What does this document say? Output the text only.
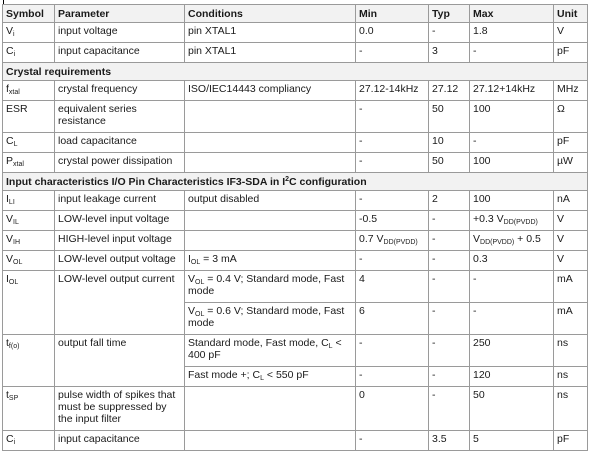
Symbol	Parameter	Conditions	Min	Typ	Max	Unit
$V_i$	input voltage	pin XTAL1	0.0	-	1.8	V
$C_i$	input capacitance	pin XTAL1	-	3	-	pF
Crystal requirements						
$f_{xtal}$	crystal frequency	ISO/IEC14443 compliancy	27.12-14kHz	27.12	27.12+14kHz	MHz
ESR	equivalent series resistance		-	50	100	Ω
$C_L$	load capacitance		-	10	-	pF
$P_{xtal}$	crystal power dissipation		-	50	100	µW
Input characteristics I/O Pin Characteristics IF3-SDA in $I^2C$ configuration						
$I_{LI}$	input leakage current	output disabled	-	2	100	nA
$V_{IL}$	LOW-level input voltage		-0.5	-	+0.3 $V_{DD(PVDD)}$	V
$V_{IH}$	HIGH-level input voltage		0.7 $V_{DD(PVDD)}$	-	$V_{DD(PVDD)} + 0.5$	V
$V_{OL}$	LOW-level output voltage	$I_{OL} = 3$ mA	-	-	0.3	V
$I_{OL}$	LOW-level output current	$V_{OL} = 0.4$ V; Standard mode, Fast mode	4	-	-	mA
		$V_{OL} = 0.6$ V; Standard mode, Fast mode	6	-	-	mA
$t_{f(o)}$	output fall time	Standard mode, Fast mode, $C_L < 400$ pF	-	-	250	ns
		Fast mode +; $C_L < 550$ pF	-	-	120	ns
$t_{SP}$	pulse width of spikes that must be suppressed by the input filter		0	-	50	ns
$C_i$	input capacitance		-	3.5	5	pF
